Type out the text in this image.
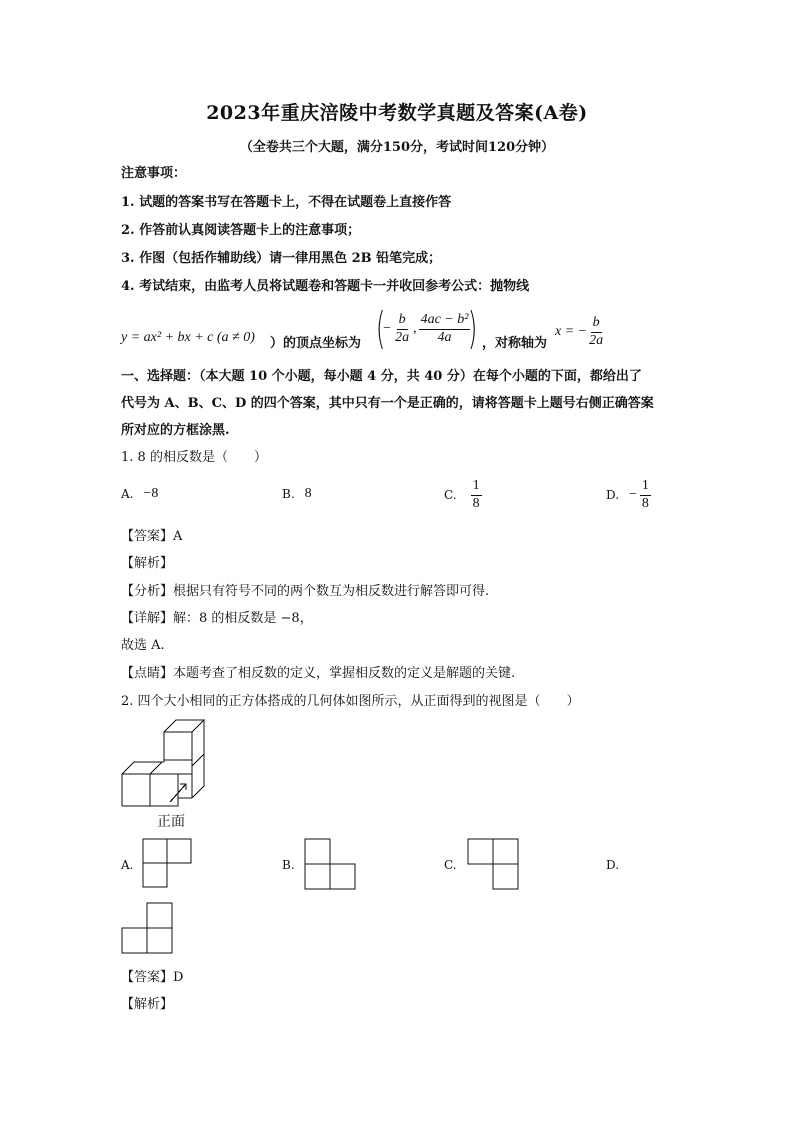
2023年重庆涪陵中考数学真题及答案(A卷)
（全卷共三个大题，满分150分，考试时间120分钟）
注意事项：
1. 试题的答案书写在答题卡上，不得在试题卷上直接作答
2. 作答前认真阅读答题卡上的注意事项；
3. 作图（包括作辅助线）请一律用黑色 2B 铅笔完成；
4. 考试结束，由监考人员将试题卷和答题卡一并收回参考公式：抛物线
y = ax² + bx + c (a ≠ 0) ）的顶点坐标为 (
− $\frac{b}{2a}$ , $\frac{\text{4ac − b²}}{4a}$
) ，对称轴为
x = − $\frac{b}{2a}$
一、选择题：（本大题 10 个小题，每小题 4 分，共 40 分）在每个小题的下面，都给出了
代号为 A、B、C、D 的四个答案，其中只有一个是正确的，请将答题卡上题号右侧正确答案
所对应的方框涂黑.
1. 8 的相反数是（　　）
A. −8	B. 8	C. $\frac{1}{8}$	D. − $\frac{1}{8}$
【答案】A
【解析】
【分析】根据只有符号不同的两个数互为相反数进行解答即可得.
【详解】解：8 的相反数是 −8，
故选 A.
【点睛】本题考查了相反数的定义，掌握相反数的定义是解题的关键.
2. 四个大小相同的正方体搭成的几何体如图所示，从正面得到的视图是（　　）
正面
A.	B.	C.	D.
【答案】D
【解析】
